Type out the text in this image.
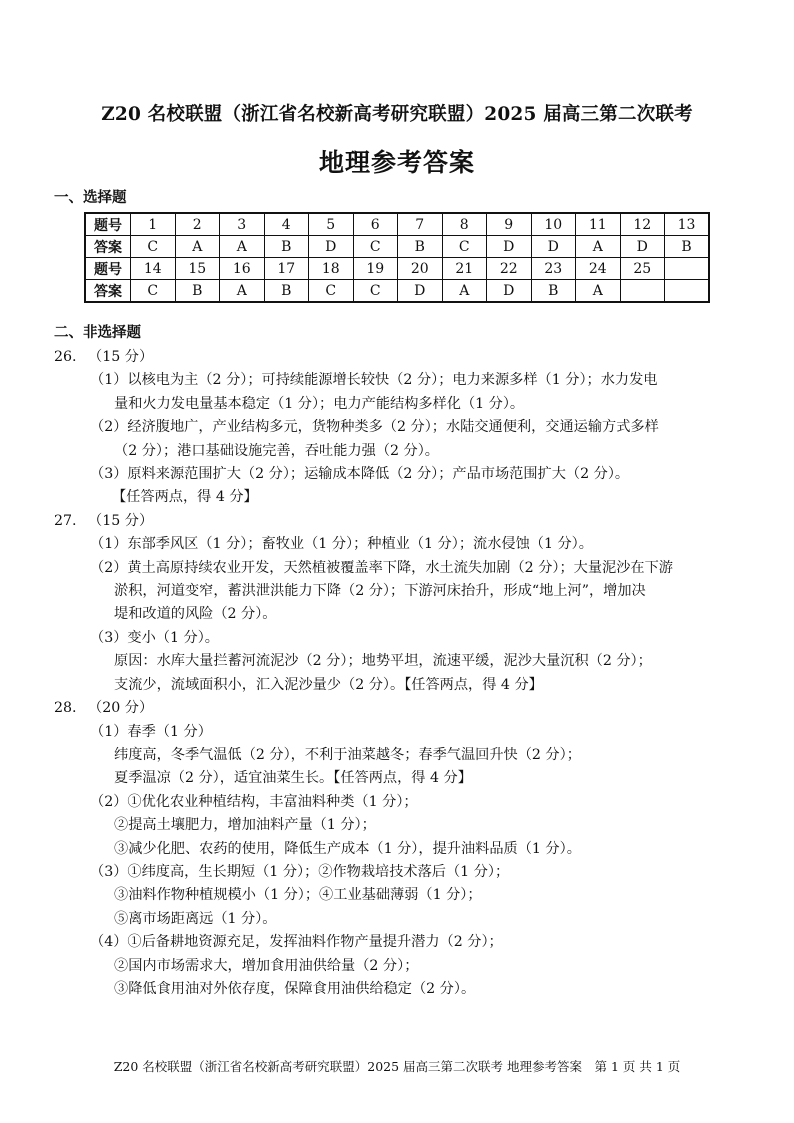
Z20 名校联盟（浙江省名校新高考研究联盟）2025 届高三第二次联考
地理参考答案
一、选择题
题号	1	2	3	4	5	6	7	8	9	10	11	12	13
答案	C	A	A	B	D	C	B	C	D	D	A	D	B
题号	14	15	16	17	18	19	20	21	22	23	24	25	
答案	C	B	A	B	C	C	D	A	D	B	A		
二、非选择题
26. （15 分）
（1）以核电为主（2 分）；可持续能源增长较快（2 分）；电力来源多样（1 分）；水力发电
量和火力发电量基本稳定（1 分）；电力产能结构多样化（1 分）。
（2）经济腹地广，产业结构多元，货物种类多（2 分）；水陆交通便利，交通运输方式多样
（2 分）；港口基础设施完善，吞吐能力强（2 分）。
（3）原料来源范围扩大（2 分）；运输成本降低（2 分）；产品市场范围扩大（2 分）。
【任答两点，得 4 分】
27. （15 分）
（1）东部季风区（1 分）；畜牧业（1 分）；种植业（1 分）；流水侵蚀（1 分）。
（2）黄土高原持续农业开发，天然植被覆盖率下降，水土流失加剧（2 分）；大量泥沙在下游
淤积，河道变窄，蓄洪泄洪能力下降（2 分）；下游河床抬升，形成“地上河”，增加决
堤和改道的风险（2 分）。
（3）变小（1 分）。
原因：水库大量拦蓄河流泥沙（2 分）；地势平坦，流速平缓，泥沙大量沉积（2 分）；
支流少，流域面积小，汇入泥沙量少（2 分）。【任答两点，得 4 分】
28. （20 分）
（1）春季（1 分）
纬度高，冬季气温低（2 分），不利于油菜越冬；春季气温回升快（2 分）；
夏季温凉（2 分），适宜油菜生长。【任答两点，得 4 分】
（2）①优化农业种植结构，丰富油料种类（1 分）；
②提高土壤肥力，增加油料产量（1 分）；
③减少化肥、农药的使用，降低生产成本（1 分），提升油料品质（1 分）。
（3）①纬度高，生长期短（1 分）；②作物栽培技术落后（1 分）；
③油料作物种植规模小（1 分）；④工业基础薄弱（1 分）；
⑤离市场距离远（1 分）。
（4）①后备耕地资源充足，发挥油料作物产量提升潜力（2 分）；
②国内市场需求大，增加食用油供给量（2 分）；
③降低食用油对外依存度，保障食用油供给稳定（2 分）。
Z20 名校联盟（浙江省名校新高考研究联盟）2025 届高三第二次联考 地理参考答案　第 1 页 共 1 页
